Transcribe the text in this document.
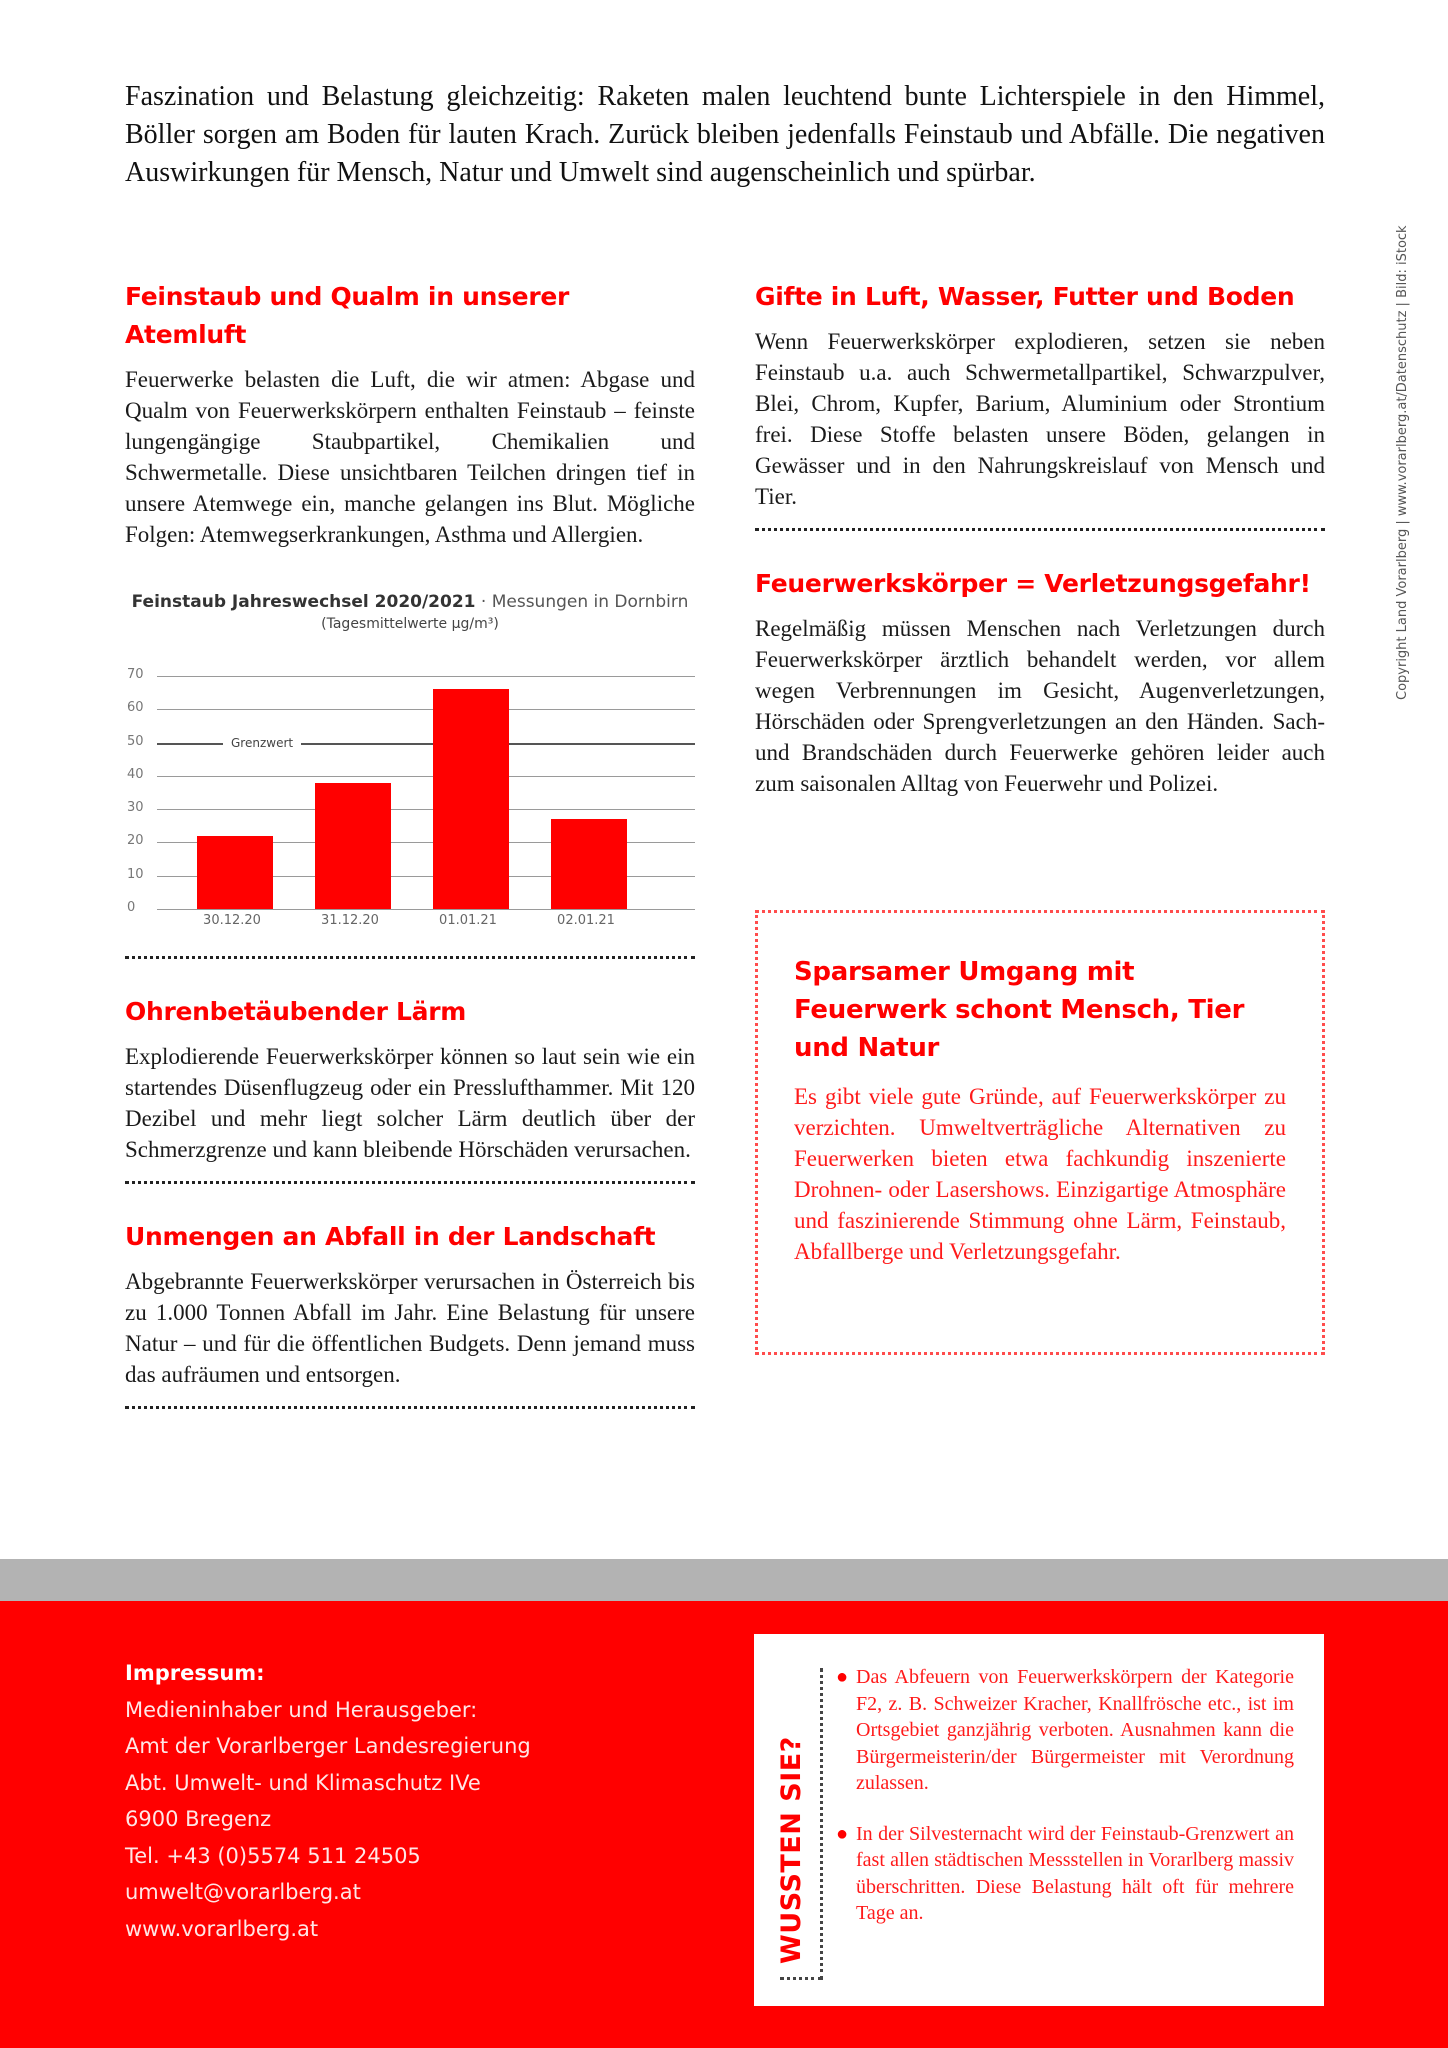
Faszination und Belastung gleichzeitig: Raketen malen leuchtend bunte Lichterspiele in den Himmel, Böller sorgen am Boden für lauten Krach. Zurück bleiben jedenfalls Feinstaub und Abfälle. Die negativen Auswirkungen für Mensch, Natur und Umwelt sind augenscheinlich und spürbar.

Copyright Land Vorarlberg | www.vorarlberg.at/Datenschutz | Bild: iStock
Feinstaub und Qualm in unserer Atemluft

Feuerwerke belasten die Luft, die wir atmen: Abgase und Qualm von Feuerwerkskörpern enthalten Feinstaub – feinste lungengängige Staubpartikel, Chemikalien und Schwermetalle. Diese unsichtbaren Teilchen dringen tief in unsere Atemwege ein, manche gelangen ins Blut. Mögliche Folgen: Atemwegserkrankungen, Asthma und Allergien.

Feinstaub Jahreswechsel 2020/2021 · Messungen in Dornbirn
(Tagesmittelwerte µg/m³)
0
10
20
30
40
50
60
70
Grenzwert
30.12.20	31.12.20	01.01.21	02.01.21
Ohrenbetäubender Lärm

Explodierende Feuerwerkskörper können so laut sein wie ein startendes Düsenflugzeug oder ein Presslufthammer. Mit 120 Dezibel und mehr liegt solcher Lärm deutlich über der Schmerzgrenze und kann bleibende Hörschäden verursachen.

Unmengen an Abfall in der Landschaft

Abgebrannte Feuerwerkskörper verursachen in Österreich bis zu 1.000 Tonnen Abfall im Jahr. Eine Belastung für unsere Natur – und für die öffentlichen Budgets. Denn jemand muss das aufräumen und entsorgen.

Gifte in Luft, Wasser, Futter und Boden

Wenn Feuerwerkskörper explodieren, setzen sie neben Feinstaub u.a. auch Schwermetallpartikel, Schwarzpulver, Blei, Chrom, Kupfer, Barium, Aluminium oder Strontium frei. Diese Stoffe belasten unsere Böden, gelangen in Gewässer und in den Nahrungskreislauf von Mensch und Tier.

Feuerwerkskörper = Verletzungsgefahr!

Regelmäßig müssen Menschen nach Verletzungen durch Feuerwerkskörper ärztlich behandelt werden, vor allem wegen Verbrennungen im Gesicht, Augenverletzungen, Hörschäden oder Sprengverletzungen an den Händen. Sach- und Brandschäden durch Feuerwerke gehören leider auch zum saisonalen Alltag von Feuerwehr und Polizei.

Sparsamer Umgang mit Feuerwerk schont Mensch, Tier und Natur

Es gibt viele gute Gründe, auf Feuerwerkskörper zu verzichten. Umweltverträgliche Alternativen zu Feuerwerken bieten etwa fachkundig inszenierte Drohnen- oder Lasershows. Einzigartige Atmosphäre und faszinierende Stimmung ohne Lärm, Feinstaub, Abfallberge und Verletzungsgefahr.

Impressum:
Medieninhaber und Herausgeber:
Amt der Vorarlberger Landesregierung
Abt. Umwelt- und Klimaschutz IVe
6900 Bregenz
Tel. +43 (0)5574 511 24505
umwelt@vorarlberg.at
www.vorarlberg.at	WUSSTEN SIE?
● Das Abfeuern von Feuerwerkskörpern der Kategorie F2, z. B. Schweizer Kracher, Knallfrösche etc., ist im Ortsgebiet ganzjährig verboten. Ausnahmen kann die Bürgermeisterin/der Bürgermeister mit Verordnung zulassen.
● In der Silvesternacht wird der Feinstaub-Grenzwert an fast allen städtischen Messstellen in Vorarlberg massiv überschritten. Diese Belastung hält oft für mehrere Tage an.
